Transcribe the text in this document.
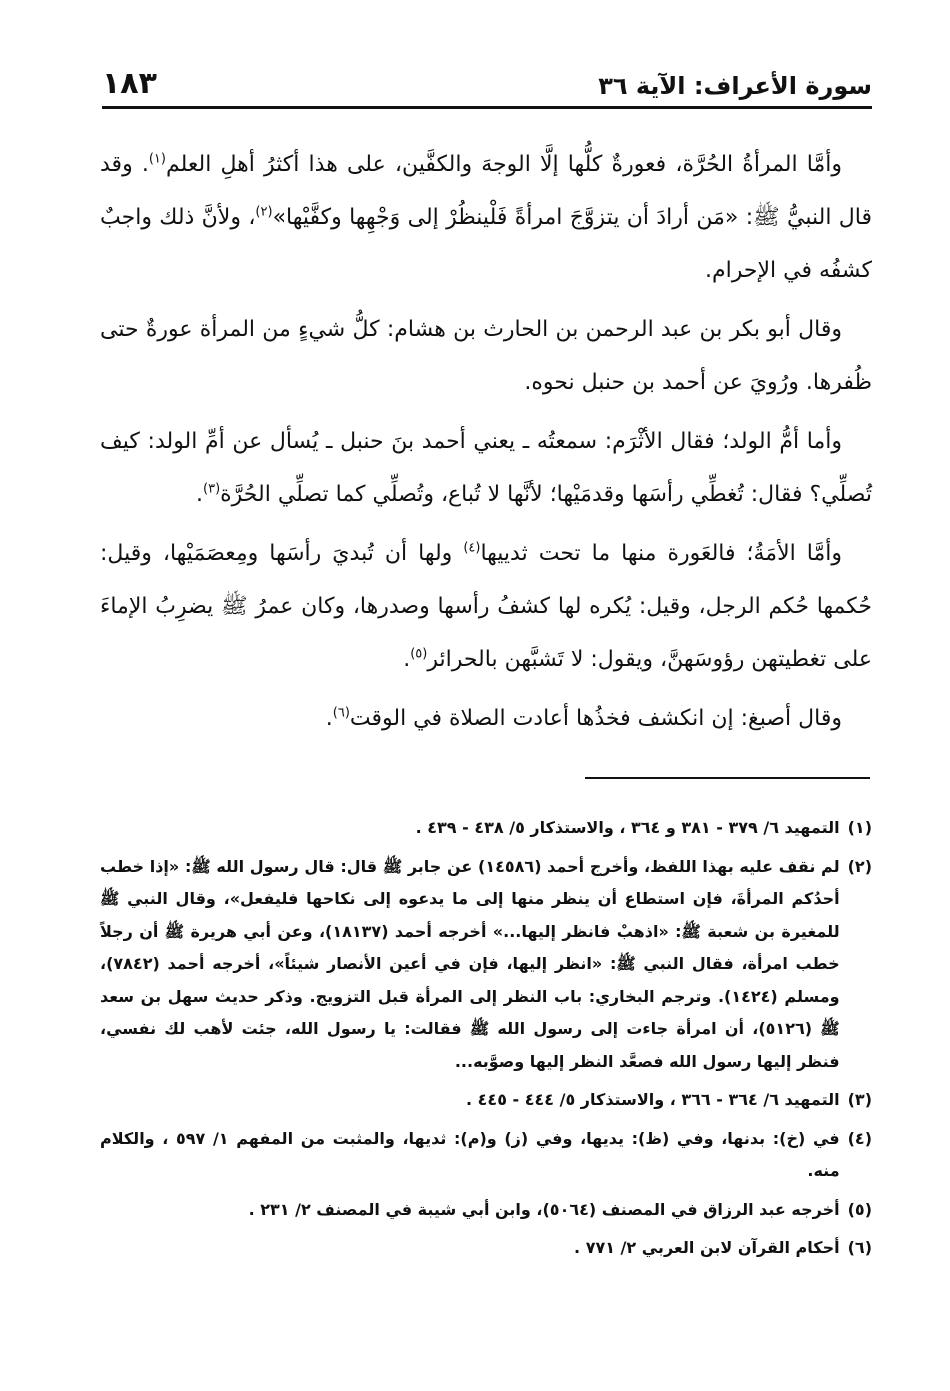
سورة الأعراف: الآية ٣٦
١٨٣

وأمَّا المرأةُ الحُرَّة، فعورةٌ كلُّها إلَّا الوجهَ والكفَّين، على هذا أكثرُ أهلِ العلم$^{(١)}$. وقد قال النبيُّ ﷺ: «مَن أرادَ أن يتزوَّجَ امرأةً فَلْينظُرْ إلى وَجْهِها وكفَّيْها»$^{(٢)}$، ولأنَّ ذلك واجبٌ كشفُه في الإحرام.

وقال أبو بكر بن عبد الرحمن بن الحارث بن هشام: كلُّ شيءٍ من المرأة عورةٌ حتى ظُفرها. ورُويَ عن أحمد بن حنبل نحوه.

وأما أمُّ الولد؛ فقال الأثْرَم: سمعتُه ـ يعني أحمد بنَ حنبل ـ يُسأل عن أمِّ الولد: كيف تُصلِّي؟ فقال: تُغطِّي رأسَها وقدمَيْها؛ لأنَّها لا تُباع، وتُصلِّي كما تصلِّي الحُرَّة$^{(٣)}$.

وأمَّا الأمَةُ؛ فالعَورة منها ما تحت ثدييها$^{(٤)}$ ولها أن تُبديَ رأسَها ومِعصَمَيْها، وقيل: حُكمها حُكم الرجل، وقيل: يُكره لها كشفُ رأسها وصدرها، وكان عمرُ ﷺ يضرِبُ الإماءَ على تغطيتهن رؤوسَهنَّ، ويقول: لا تَشبَّهن بالحرائر$^{(٥)}$.

وقال أصبغ: إن انكشف فخذُها أعادت الصلاة في الوقت$^{(٦)}$.

(١)
التمهيد ٦/ ٣٧٩ - ٣٨١ و ٣٦٤ ، والاستذكار ٥/ ٤٣٨ - ٤٣٩ .
(٢)
لم نقف عليه بهذا اللفظ، وأخرج أحمد (١٤٥٨٦) عن جابر ﷺ قال: قال رسول الله ﷺ: «إذا خطب أحدُكم المرأةَ، فإن استطاع أن ينظر منها إلى ما يدعوه إلى نكاحها فليفعل»، وقال النبي ﷺ للمغيرة بن شعبة ﷺ: «اذهبْ فانظر إليها...» أخرجه أحمد (١٨١٣٧)، وعن أبي هريرة ﷺ أن رجلاً خطب امرأة، فقال النبي ﷺ: «انظر إليها، فإن في أعين الأنصار شيئاً»، أخرجه أحمد (٧٨٤٢)، ومسلم (١٤٢٤). وترجم البخاري: باب النظر إلى المرأة قبل التزويج. وذكر حديث سهل بن سعد ﷺ (٥١٢٦)، أن امرأة جاءت إلى رسول الله ﷺ فقالت: يا رسول الله، جئت لأهب لك نفسي، فنظر إليها رسول الله فصعَّد النظر إليها وصوَّبه...
(٣)
التمهيد ٦/ ٣٦٤ - ٣٦٦ ، والاستذكار ٥/ ٤٤٤ - ٤٤٥ .
(٤)
في (خ): بدنها، وفي (ظ): يديها، وفي (ز) و(م): ثديها، والمثبت من المفهم ١/ ٥٩٧ ، والكلام منه.
(٥)
أخرجه عبد الرزاق في المصنف (٥٠٦٤)، وابن أبي شيبة في المصنف ٢/ ٢٣١ .
(٦)
أحكام القرآن لابن العربي ٢/ ٧٧١ .
